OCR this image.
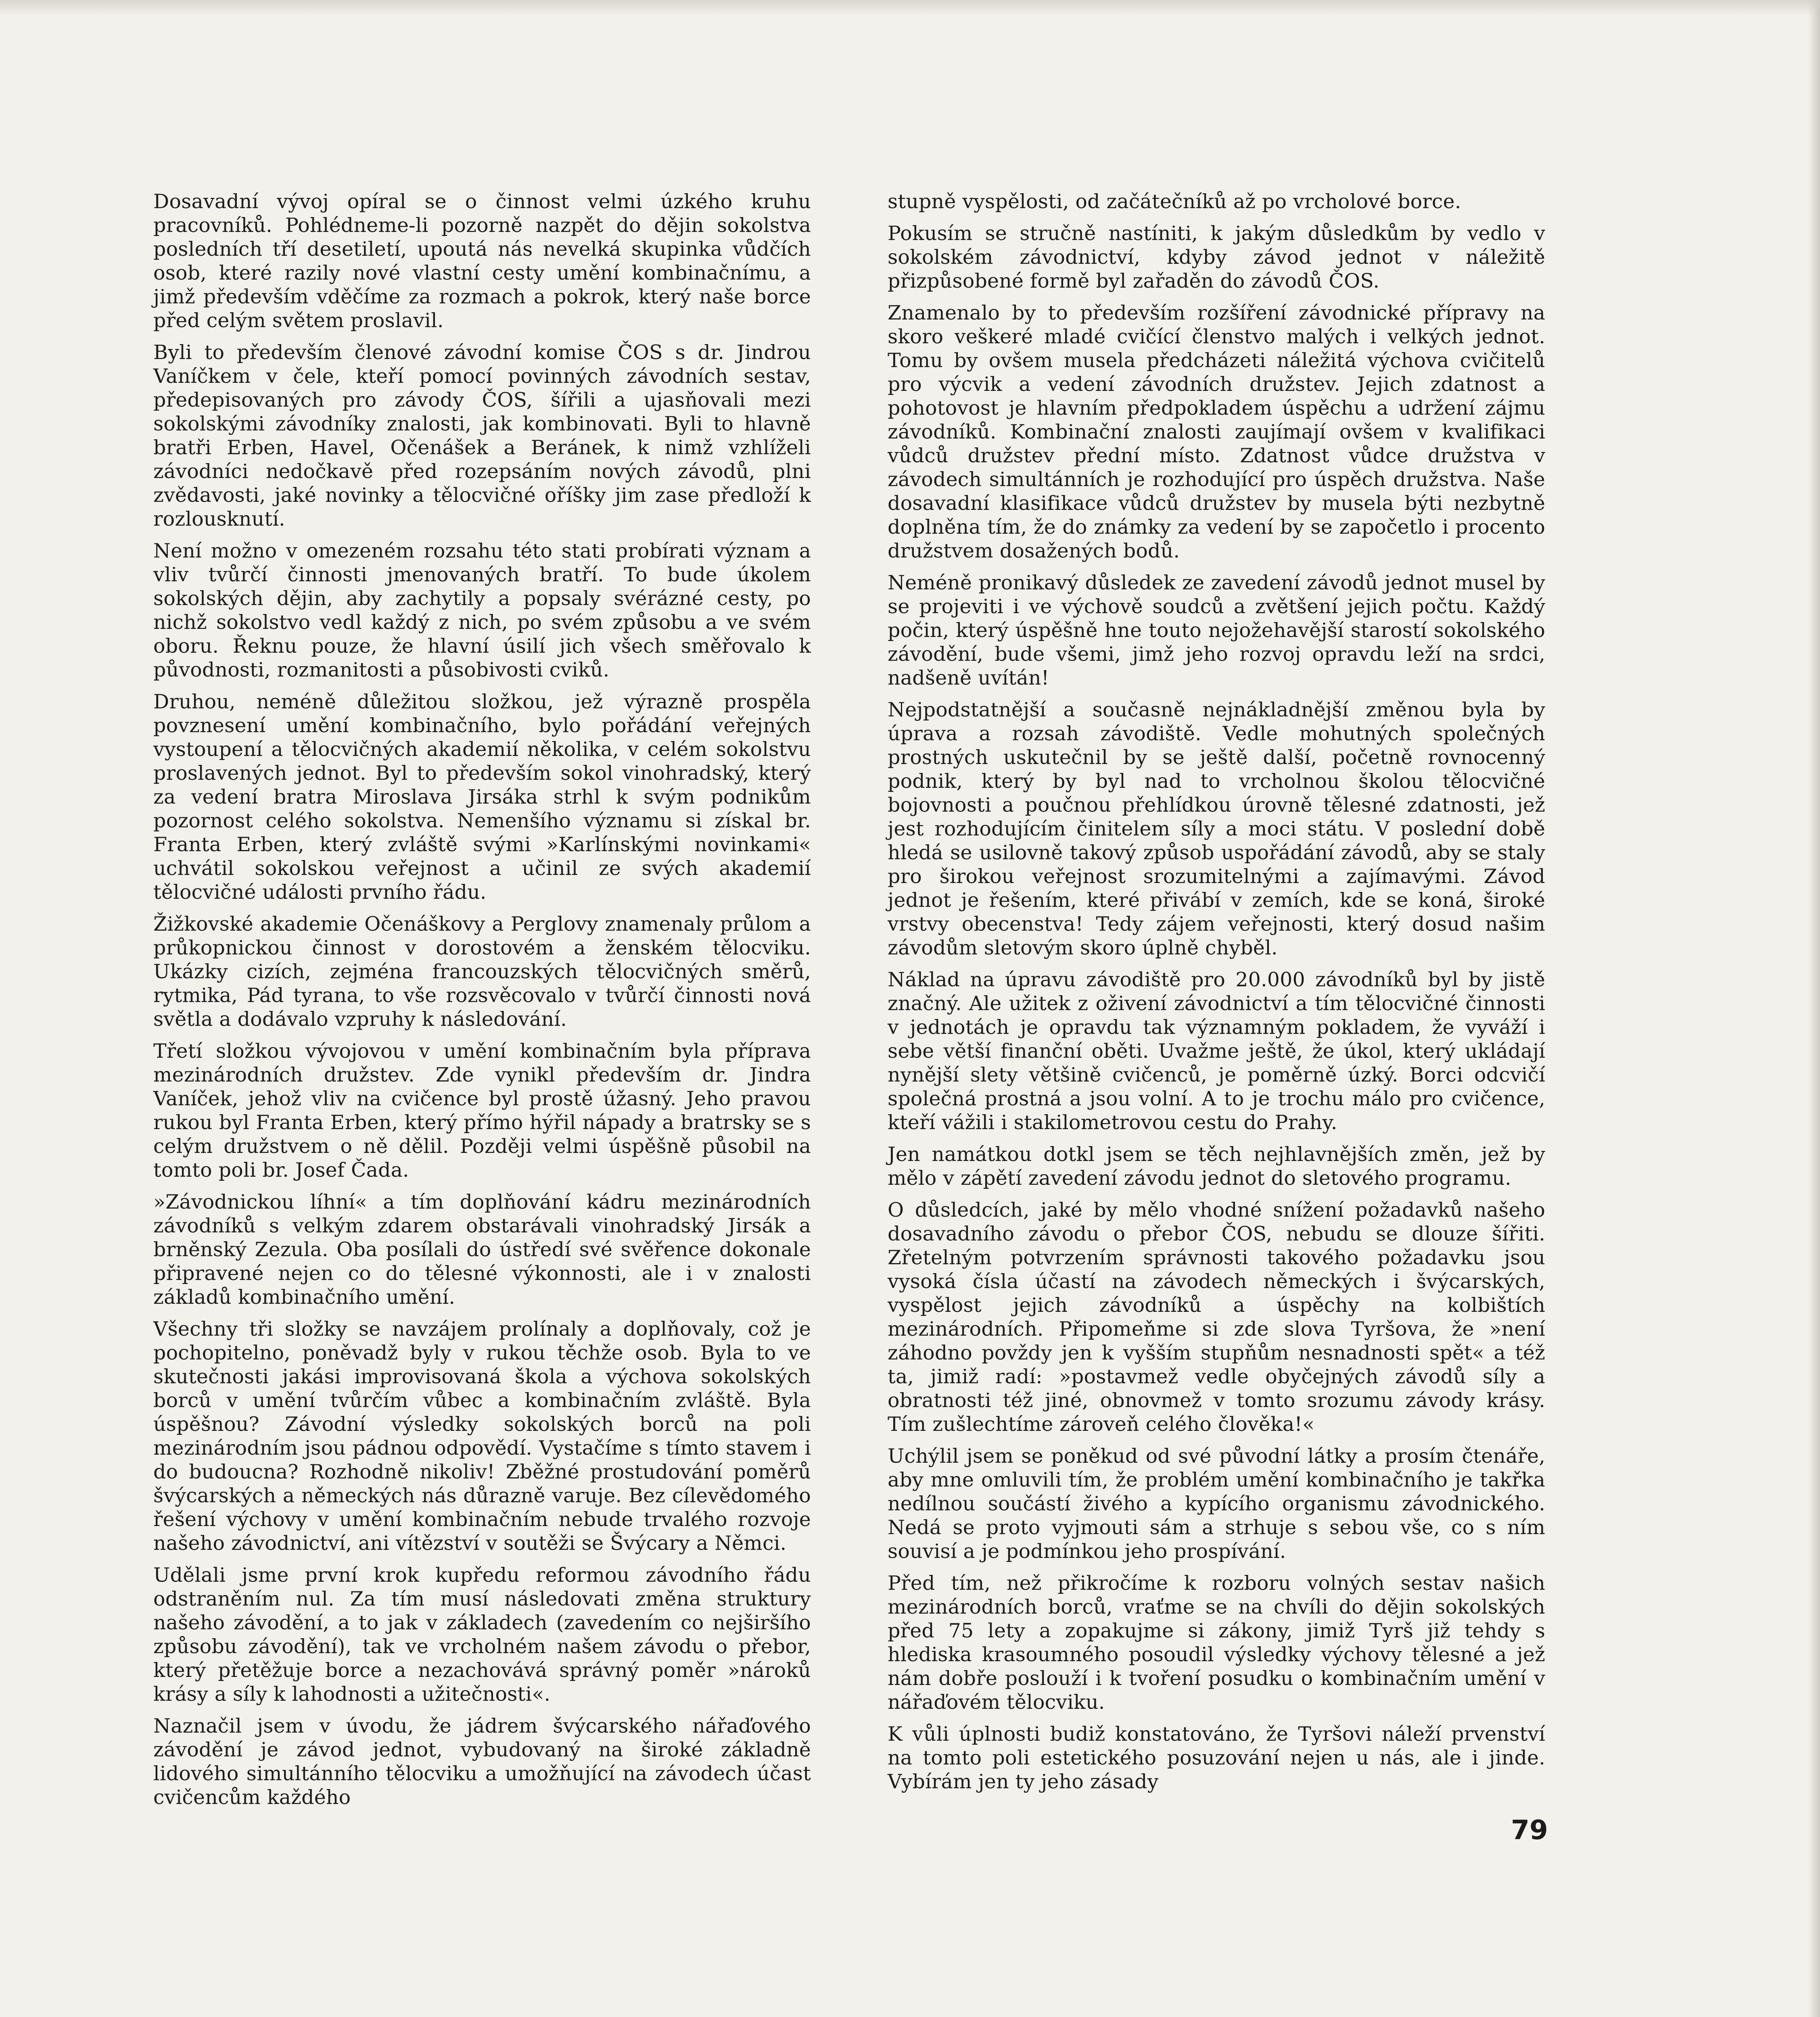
Dosavadní vývoj opíral se o činnost velmi úzkého kruhu pracovníků. Pohlédneme-li pozorně nazpět do dějin sokolstva posledních tří desetiletí, upoutá nás nevelká skupinka vůdčích osob, které razily nové vlastní cesty umění kombinačnímu, a jimž především vděčíme za rozmach a pokrok, který naše borce před celým světem proslavil.

Byli to především členové závodní komise ČOS s dr. Jindrou Vaníčkem v čele, kteří pomocí povinných závodních sestav, předepisovaných pro závody ČOS, šířili a ujasňovali mezi sokolskými závodníky znalosti, jak kombinovati. Byli to hlavně bratři Erben, Havel, Očenášek a Beránek, k nimž vzhlíželi závodníci nedočkavě před rozepsáním nových závodů, plni zvědavosti, jaké novinky a tělocvičné oříšky jim zase předloží k rozlousknutí.

Není možno v omezeném rozsahu této stati probírati význam a vliv tvůrčí činnosti jmenovaných bratří. To bude úkolem sokolských dějin, aby zachytily a popsaly svérázné cesty, po nichž sokolstvo vedl každý z nich, po svém způsobu a ve svém oboru. Řeknu pouze, že hlavní úsilí jich všech směřovalo k původnosti, rozmanitosti a působivosti cviků.

Druhou, neméně důležitou složkou, jež výrazně prospěla povznesení umění kombinačního, bylo pořádání veřejných vystoupení a tělocvičných akademií několika, v celém sokolstvu proslavených jednot. Byl to především sokol vinohradský, který za vedení bratra Miroslava Jirsáka strhl k svým podnikům pozornost celého sokolstva. Nemenšího významu si získal br. Franta Erben, který zvláště svými »Karlínskými novinkami« uchvátil sokolskou veřejnost a učinil ze svých akademií tělocvičné události prvního řádu.

Žižkovské akademie Očenáškovy a Perglovy znamenaly průlom a průkopnickou činnost v dorostovém a ženském tělocviku. Ukázky cizích, zejména francouzských tělocvičných směrů, rytmika, Pád tyrana, to vše rozsvěcovalo v tvůrčí činnosti nová světla a dodávalo vzpruhy k následování.

Třetí složkou vývojovou v umění kombinačním byla příprava mezinárodních družstev. Zde vynikl především dr. Jindra Vaníček, jehož vliv na cvičence byl prostě úžasný. Jeho pravou rukou byl Franta Erben, který přímo hýřil nápady a bratrsky se s celým družstvem o ně dělil. Později velmi úspěšně působil na tomto poli br. Josef Čada.

»Závodnickou líhní« a tím doplňování kádru mezinárodních závodníků s velkým zdarem obstarávali vinohradský Jirsák a brněnský Zezula. Oba posílali do ústředí své svěřence dokonale připravené nejen co do tělesné výkonnosti, ale i v znalosti základů kombinačního umění.

Všechny tři složky se navzájem prolínaly a doplňovaly, což je pochopitelno, poněvadž byly v rukou těchže osob. Byla to ve skutečnosti jakási improvisovaná škola a výchova sokolských borců v umění tvůrčím vůbec a kombinačním zvláště. Byla úspěšnou? Závodní výsledky sokolských borců na poli mezinárodním jsou pádnou odpovědí. Vystačíme s tímto stavem i do budoucna? Rozhodně nikoliv! Zběžné prostudování poměrů švýcarských a německých nás důrazně varuje. Bez cílevědomého řešení výchovy v umění kombinačním nebude trvalého rozvoje našeho závodnictví, ani vítězství v soutěži se Švýcary a Němci.

Udělali jsme první krok kupředu reformou závodního řádu odstraněním nul. Za tím musí následovati změna struktury našeho závodění, a to jak v základech (zavedením co nejširšího způsobu závodění), tak ve vrcholném našem závodu o přebor, který přetěžuje borce a nezachovává správný poměr »nároků krásy a síly k lahodnosti a užitečnosti«.

Naznačil jsem v úvodu, že jádrem švýcarského nářaďového závodění je závod jednot, vybudovaný na široké základně lidového simultánního tělocviku a umožňující na závodech účast cvičencům každého

stupně vyspělosti, od začátečníků až po vrcholové borce.

Pokusím se stručně nastíniti, k jakým důsledkům by vedlo v sokolském závodnictví, kdyby závod jednot v náležitě přizpůsobené formě byl zařaděn do závodů ČOS.

Znamenalo by to především rozšíření závodnické přípravy na skoro veškeré mladé cvičící členstvo malých i velkých jednot. Tomu by ovšem musela předcházeti náležitá výchova cvičitelů pro výcvik a vedení závodních družstev. Jejich zdatnost a pohotovost je hlavním předpokladem úspěchu a udržení zájmu závodníků. Kombinační znalosti zaujímají ovšem v kvalifikaci vůdců družstev přední místo. Zdatnost vůdce družstva v závodech simultánních je rozhodující pro úspěch družstva. Naše dosavadní klasifikace vůdců družstev by musela býti nezbytně doplněna tím, že do známky za vedení by se započetlo i procento družstvem dosažených bodů.

Neméně pronikavý důsledek ze zavedení závodů jednot musel by se projeviti i ve výchově soudců a zvětšení jejich počtu. Každý počin, který úspěšně hne touto nejožehavější starostí sokolského závodění, bude všemi, jimž jeho rozvoj opravdu leží na srdci, nadšeně uvítán!

Nejpodstatnější a současně nejnákladnější změnou byla by úprava a rozsah závodiště. Vedle mohutných společných prostných uskutečnil by se ještě další, početně rovnocenný podnik, který by byl nad to vrcholnou školou tělocvičné bojovnosti a poučnou přehlídkou úrovně tělesné zdatnosti, jež jest rozhodujícím činitelem síly a moci státu. V poslední době hledá se usilovně takový způsob uspořádání závodů, aby se staly pro širokou veřejnost srozumitelnými a zajímavými. Závod jednot je řešením, které přivábí v zemích, kde se koná, široké vrstvy obecenstva! Tedy zájem veřejnosti, který dosud našim závodům sletovým skoro úplně chyběl.

Náklad na úpravu závodiště pro 20.000 závodníků byl by jistě značný. Ale užitek z oživení závodnictví a tím tělocvičné činnosti v jednotách je opravdu tak významným pokladem, že vyváží i sebe větší finanční oběti. Uvažme ještě, že úkol, který ukládají nynější slety většině cvičenců, je poměrně úzký. Borci odcvičí společná prostná a jsou volní. A to je trochu málo pro cvičence, kteří vážili i stakilometrovou cestu do Prahy.

Jen namátkou dotkl jsem se těch nejhlavnějších změn, jež by mělo v zápětí zavedení závodu jednot do sletového programu.

O důsledcích, jaké by mělo vhodné snížení požadavků našeho dosavadního závodu o přebor ČOS, nebudu se dlouze šířiti. Zřetelným potvrzením správnosti takového požadavku jsou vysoká čísla účastí na závodech německých i švýcarských, vyspělost jejich závodníků a úspěchy na kolbištích mezinárodních. Připomeňme si zde slova Tyršova, že »není záhodno povždy jen k vyšším stupňům nesnadnosti spět« a též ta, jimiž radí: »postavmež vedle obyčejných závodů síly a obratnosti též jiné, obnovmež v tomto srozumu závody krásy. Tím zušlechtíme zároveň celého člověka!«

Uchýlil jsem se poněkud od své původní látky a prosím čtenáře, aby mne omluvili tím, že problém umění kombinačního je takřka nedílnou součástí živého a kypícího organismu závodnického. Nedá se proto vyjmouti sám a strhuje s sebou vše, co s ním souvisí a je podmínkou jeho prospívání.

Před tím, než přikročíme k rozboru volných sestav našich mezinárodních borců, vraťme se na chvíli do dějin sokolských před 75 lety a zopakujme si zákony, jimiž Tyrš již tehdy s hlediska krasoumného posoudil výsledky výchovy tělesné a jež nám dobře poslouží i k tvoření posudku o kombinačním umění v nářaďovém tělocviku.

K vůli úplnosti budiž konstatováno, že Tyršovi náleží prvenství na tomto poli estetického posuzování nejen u nás, ale i jinde. Vybírám jen ty jeho zásady

79
